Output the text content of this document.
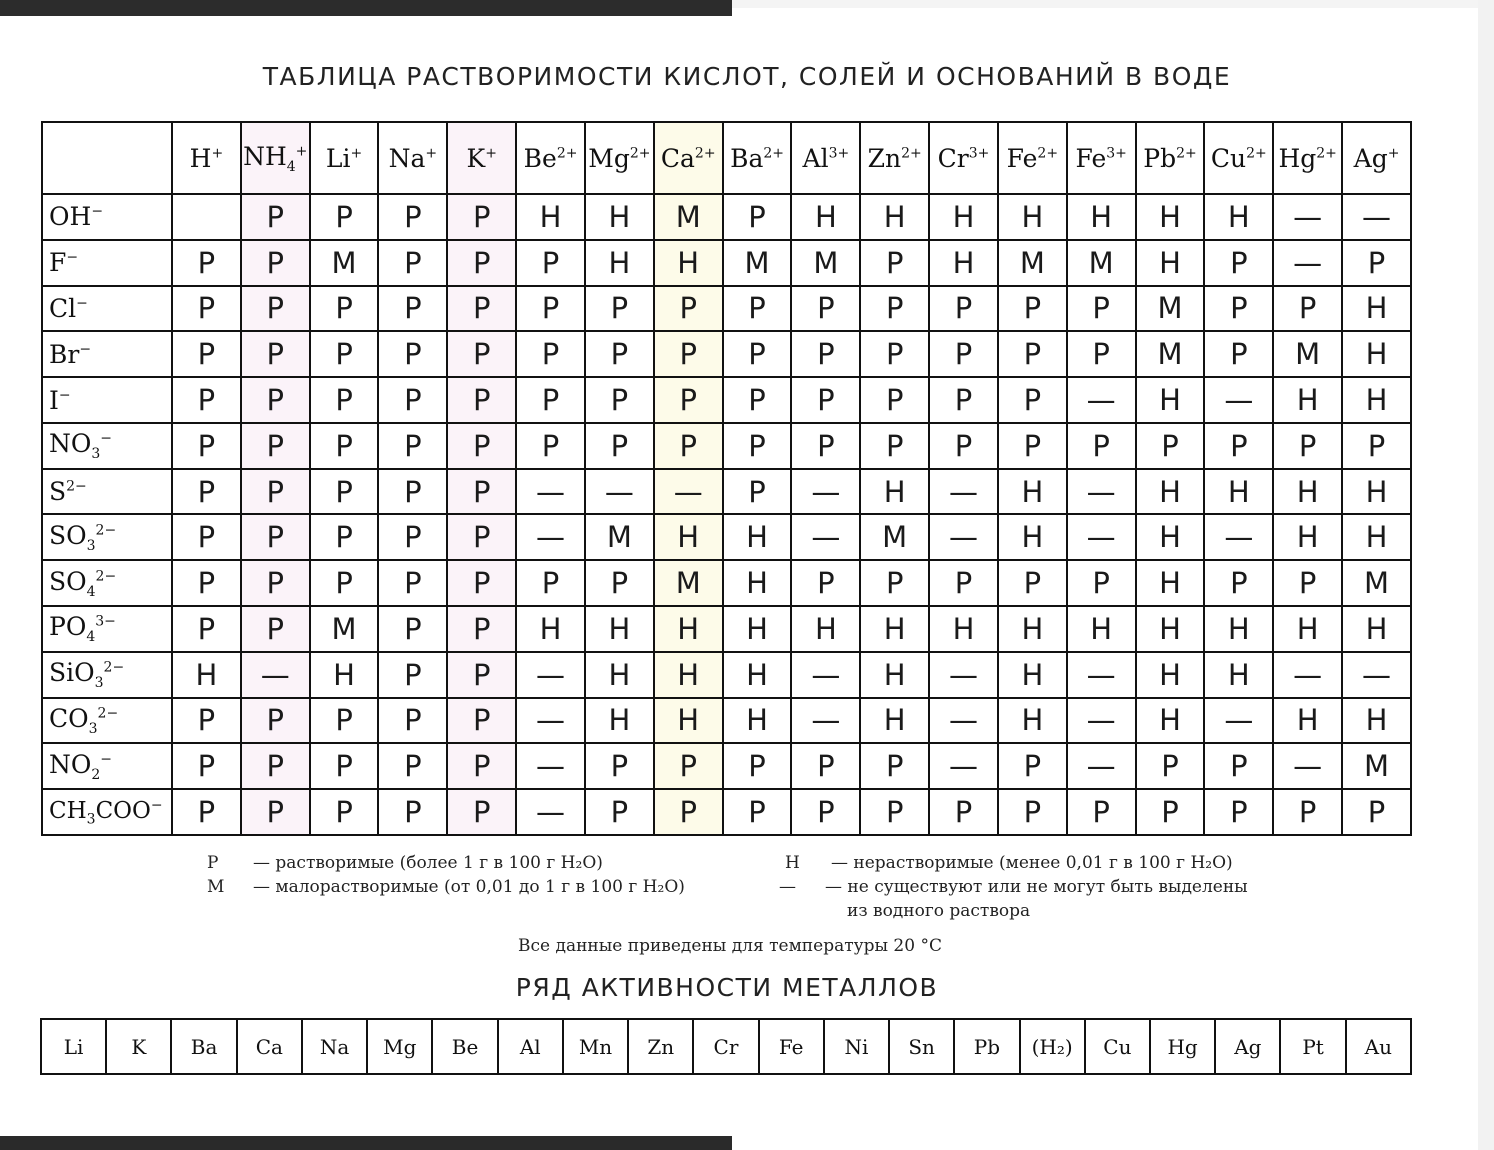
ТАБЛИЦА РАСТВОРИМОСТИ КИСЛОТ, СОЛЕЙ И ОСНОВАНИЙ В ВОДЕ
	H+	$NH_4^+$	Li+	Na+	K+	$Be^{2+}$	$Mg^{2+}$	$Ca^{2+}$	$Ba^{2+}$	$Al^{3+}$	$Zn^{2+}$	$Cr^{3+}$	$Fe^{2+}$	$Fe^{3+}$	$Pb^{2+}$	$Cu^{2+}$	$Hg^{2+}$	Ag+
OH−		Р	Р	Р	Р	Н	Н	М	Р	Н	Н	Н	Н	Н	Н	Н	—	—
F−	Р	Р	М	Р	Р	Р	Н	Н	М	М	Р	Н	М	М	Н	Р	—	Р
Cl−	Р	Р	Р	Р	Р	Р	Р	Р	Р	Р	Р	Р	Р	Р	М	Р	Р	Н
Br−	Р	Р	Р	Р	Р	Р	Р	Р	Р	Р	Р	Р	Р	Р	М	Р	М	Н
I−	Р	Р	Р	Р	Р	Р	Р	Р	Р	Р	Р	Р	Р	—	Н	—	Н	Н
$NO_3^-$	Р	Р	Р	Р	Р	Р	Р	Р	Р	Р	Р	Р	Р	Р	Р	Р	Р	Р
$S^{2-}$	Р	Р	Р	Р	Р	—	—	—	Р	—	Н	—	Н	—	Н	Н	Н	Н
$SO_3^{2-}$	Р	Р	Р	Р	Р	—	М	Н	Н	—	М	—	Н	—	Н	—	Н	Н
$SO_4^{2-}$	Р	Р	Р	Р	Р	Р	Р	М	Н	Р	Р	Р	Р	Р	Н	Р	Р	М
$PO_4^{3-}$	Р	Р	М	Р	Р	Н	Н	Н	Н	Н	Н	Н	Н	Н	Н	Н	Н	Н
SiO$_3^{2-}$	Н	—	Н	Р	Р	—	Н	Н	Н	—	Н	—	Н	—	Н	Н	—	—
$CO_3^{2-}$	Р	Р	Р	Р	Р	—	Н	Н	Н	—	Н	—	Н	—	Н	—	Н	Н
$NO_2^-$	Р	Р	Р	Р	Р	—	Р	Р	Р	Р	Р	—	Р	—	Р	Р	—	М
$CH_3COO^-$	Р	Р	Р	Р	Р	—	Р	Р	Р	Р	Р	Р	Р	Р	Р	Р	Р	Р
Р — растворимые (более 1 г в 100 г H₂O)
М — малорастворимые (от 0,01 до 1 г в 100 г H₂O)
Н — нерастворимые (менее 0,01 г в 100 г H₂O)
— — не существуют или не могут быть выделены
из водного раствора
Все данные приведены для температуры 20 °C
РЯД АКТИВНОСТИ МЕТАЛЛОВ
Li	K	Ba	Ca	Na	Mg	Be	Al	Mn	Zn	Cr	Fe	Ni	Sn	Pb	(H₂)	Cu	Hg	Ag	Pt	Au
